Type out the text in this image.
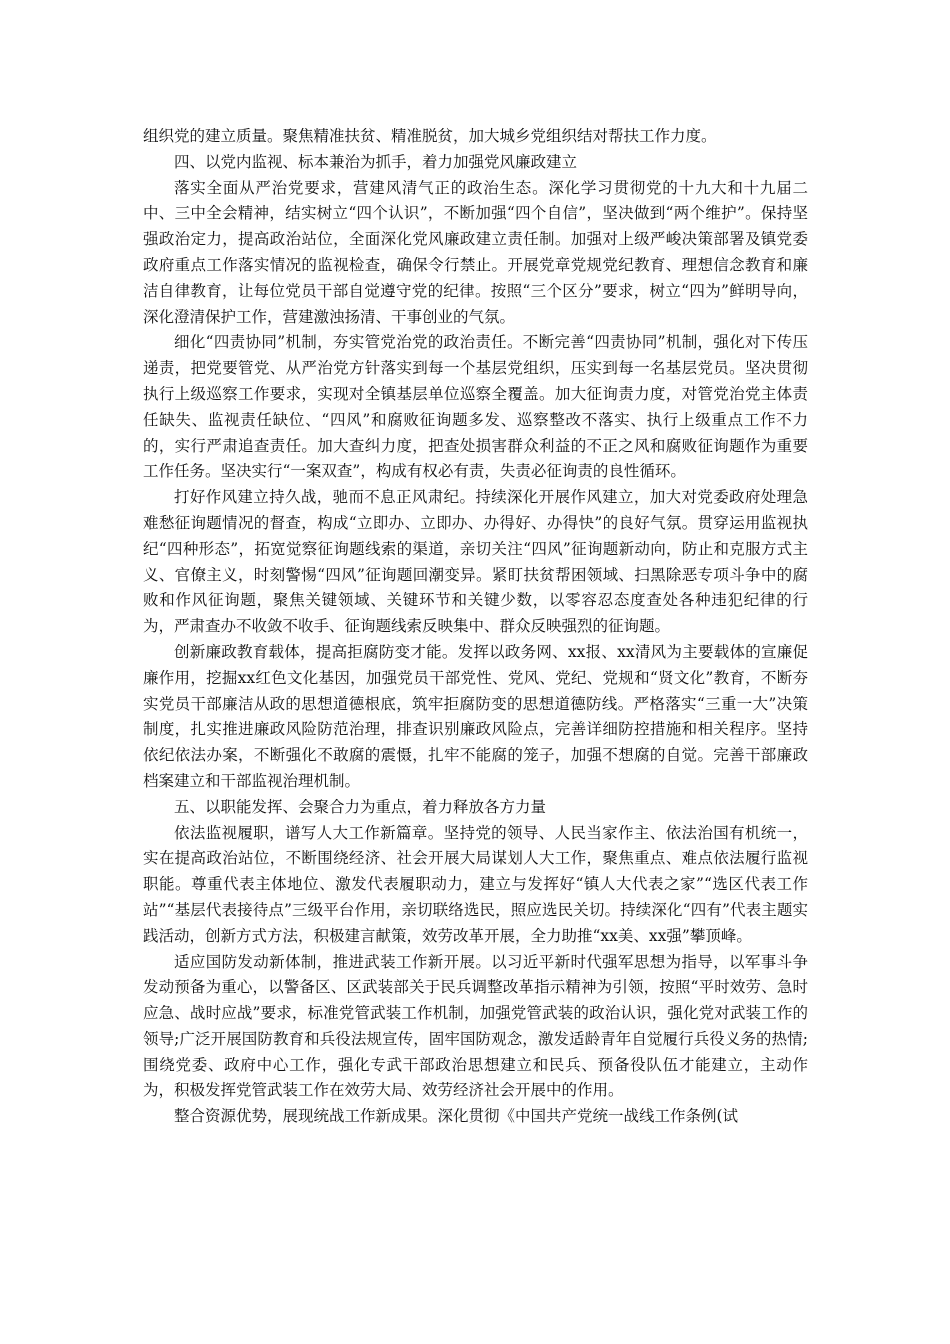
组织党的建立质量。聚焦精准扶贫、精准脱贫，加大城乡党组织结对帮扶工作力度。

四、以党内监视、标本兼治为抓手，着力加强党风廉政建立

落实全面从严治党要求，营建风清气正的政治生态。深化学习贯彻党的十九大和十九届二中、三中全会精神，结实树立“四个认识”，不断加强“四个自信”，坚决做到“两个维护”。保持坚强政治定力，提高政治站位，全面深化党风廉政建立责任制。加强对上级严峻决策部署及镇党委政府重点工作落实情况的监视检查，确保令行禁止。开展党章党规党纪教育、理想信念教育和廉洁自律教育，让每位党员干部自觉遵守党的纪律。按照“三个区分”要求，树立“四为”鲜明导向，深化澄清保护工作，营建激浊扬清、干事创业的气氛。

细化“四责协同”机制，夯实管党治党的政治责任。不断完善“四责协同”机制，强化对下传压递责，把党要管党、从严治党方针落实到每一个基层党组织，压实到每一名基层党员。坚决贯彻执行上级巡察工作要求，实现对全镇基层单位巡察全覆盖。加大征询责力度，对管党治党主体责任缺失、监视责任缺位、“四风”和腐败征询题多发、巡察整改不落实、执行上级重点工作不力的，实行严肃追查责任。加大查纠力度，把查处损害群众利益的不正之风和腐败征询题作为重要工作任务。坚决实行“一案双查”，构成有权必有责，失责必征询责的良性循环。

打好作风建立持久战，驰而不息正风肃纪。持续深化开展作风建立，加大对党委政府处理急难愁征询题情况的督查，构成“立即办、立即办、办得好、办得快”的良好气氛。贯穿运用监视执纪“四种形态”，拓宽觉察征询题线索的渠道，亲切关注“四风”征询题新动向，防止和克服方式主义、官僚主义，时刻警惕“四风”征询题回潮变异。紧盯扶贫帮困领域、扫黑除恶专项斗争中的腐败和作风征询题，聚焦关键领域、关键环节和关键少数，以零容忍态度查处各种违犯纪律的行为，严肃查办不收敛不收手、征询题线索反映集中、群众反映强烈的征询题。

创新廉政教育载体，提高拒腐防变才能。发挥以政务网、xx报、xx清风为主要载体的宣廉促廉作用，挖掘xx红色文化基因，加强党员干部党性、党风、党纪、党规和“贤文化”教育，不断夯实党员干部廉洁从政的思想道德根底，筑牢拒腐防变的思想道德防线。严格落实“三重一大”决策制度，扎实推进廉政风险防范治理，排查识别廉政风险点，完善详细防控措施和相关程序。坚持依纪依法办案，不断强化不敢腐的震慑，扎牢不能腐的笼子，加强不想腐的自觉。完善干部廉政档案建立和干部监视治理机制。

五、以职能发挥、会聚合力为重点，着力释放各方力量

依法监视履职，谱写人大工作新篇章。坚持党的领导、人民当家作主、依法治国有机统一，实在提高政治站位，不断围绕经济、社会开展大局谋划人大工作，聚焦重点、难点依法履行监视职能。尊重代表主体地位、激发代表履职动力，建立与发挥好“镇人大代表之家”“选区代表工作站”“基层代表接待点”三级平台作用，亲切联络选民，照应选民关切。持续深化“四有”代表主题实践活动，创新方式方法，积极建言献策，效劳改革开展，全力助推“xx美、xx强”攀顶峰。

适应国防发动新体制，推进武装工作新开展。以习近平新时代强军思想为指导，以军事斗争发动预备为重心，以警备区、区武装部关于民兵调整改革指示精神为引领，按照“平时效劳、急时应急、战时应战”要求，标准党管武装工作机制，加强党管武装的政治认识，强化党对武装工作的领导;广泛开展国防教育和兵役法规宣传，固牢国防观念，激发适龄青年自觉履行兵役义务的热情;围绕党委、政府中心工作，强化专武干部政治思想建立和民兵、预备役队伍才能建立，主动作为，积极发挥党管武装工作在效劳大局、效劳经济社会开展中的作用。

整合资源优势，展现统战工作新成果。深化贯彻《中国共产党统一战线工作条例(试
